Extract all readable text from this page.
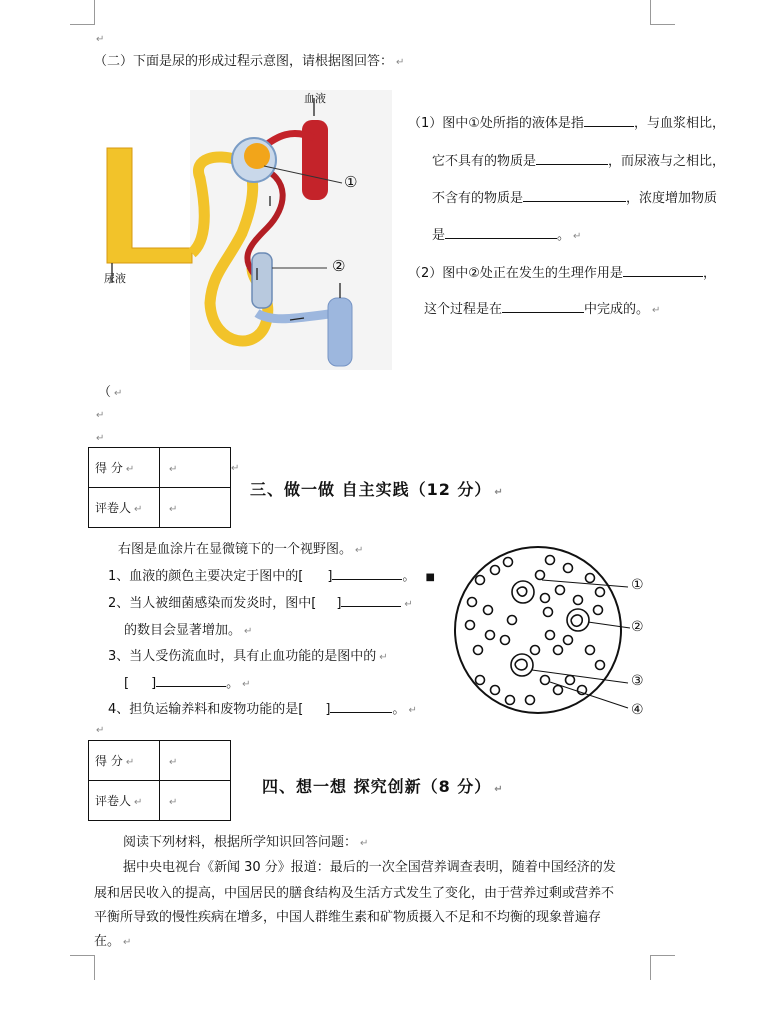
↵
（二）下面是尿的形成过程示意图，请根据图回答： ↵
血液
尿液
①
②
（1）图中①处所指的液体是指	，与血浆相比，
它不具有的物质是	，而尿液与之相比，
不含有的物质是	，浓度增加物质
是	。 ↵
（2）图中②处正在发生的生理作用是	，
这个过程是在	中完成的。 ↵
（ ↵
↵
↵
得 分 ↵	↵
评卷人 ↵	↵
↵
三、做一做 自主实践（12 分） ↵
右图是血涂片在显微镜下的一个视野图。 ↵
1、血液的颜色主要决定于图中的[ ]	。 ■
2、当人被细菌感染而发炎时，图中[ ]	↵
的数目会显著增加。 ↵
3、当人受伤流血时，具有止血功能的是图中的 ↵
[ ]	。 ↵
4、担负运输养料和废物功能的是[ ]	。 ↵
↵
①
②
③
④
得 分 ↵	↵
评卷人 ↵	↵
四、想一想 探究创新（8 分） ↵
阅读下列材料，根据所学知识回答问题： ↵
据中央电视台《新闻 30 分》报道：最后的一次全国营养调查表明，随着中国经济的发
展和居民收入的提高，中国居民的膳食结构及生活方式发生了变化，由于营养过剩或营养不
平衡所导致的慢性疾病在增多，中国人群维生素和矿物质摄入不足和不均衡的现象普遍存
在。 ↵
